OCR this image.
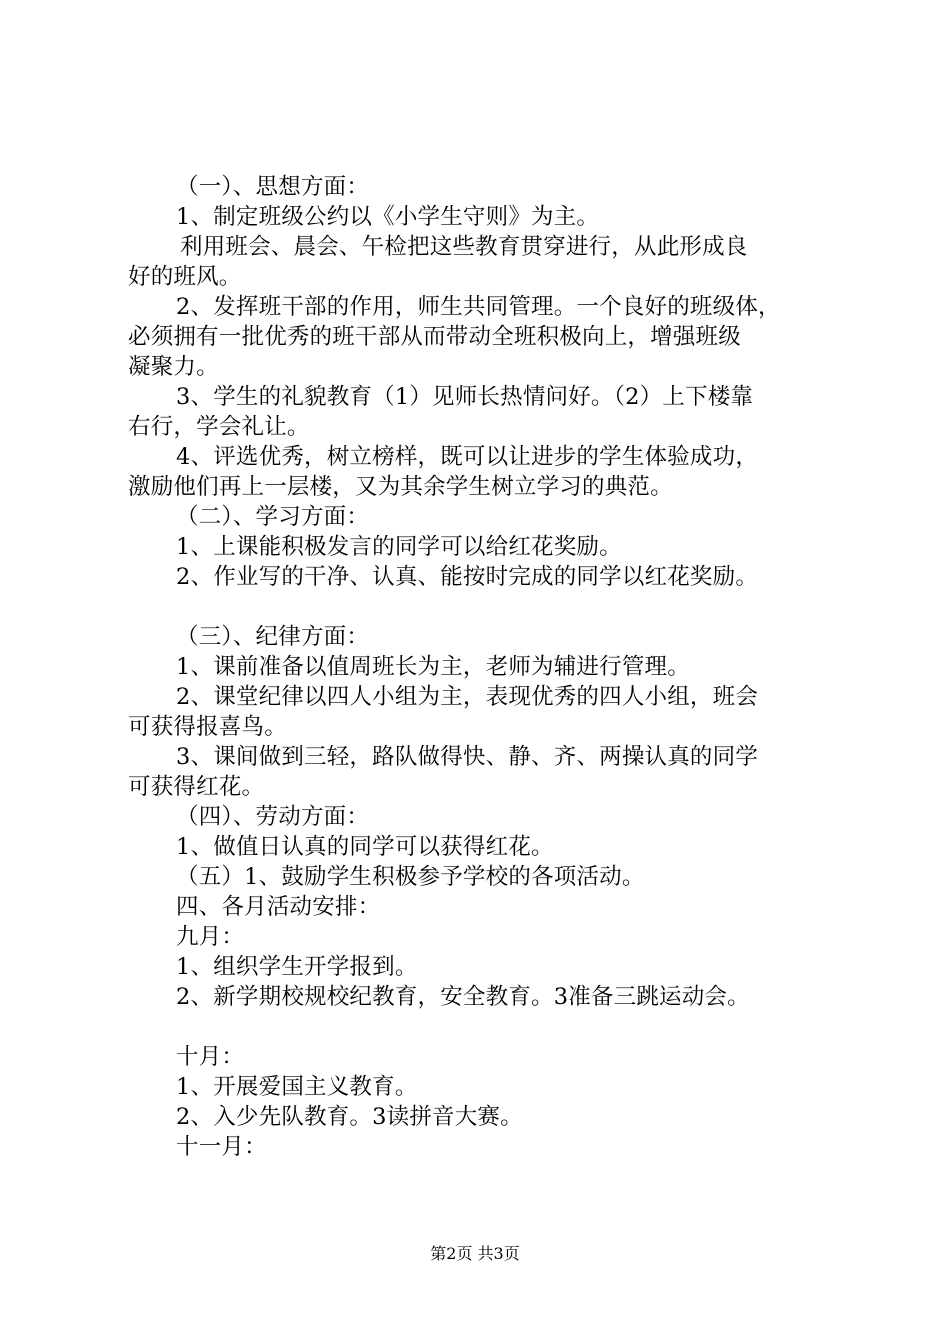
（一）、思想方面：
1、制定班级公约以《小学生守则》为主。
利用班会、晨会、午检把这些教育贯穿进行，从此形成良
好的班风。
2、发挥班干部的作用，师生共同管理。一个良好的班级体，
必须拥有一批优秀的班干部从而带动全班积极向上，增强班级
凝聚力。
3、学生的礼貌教育（1）见师长热情问好。（2）上下楼靠
右行，学会礼让。
4、评选优秀，树立榜样，既可以让进步的学生体验成功，
激励他们再上一层楼，又为其余学生树立学习的典范。
（二）、学习方面：
1、上课能积极发言的同学可以给红花奖励。
2、作业写的干净、认真、能按时完成的同学以红花奖励。
（三）、纪律方面：
1、课前准备以值周班长为主，老师为辅进行管理。
2、课堂纪律以四人小组为主，表现优秀的四人小组，班会
可获得报喜鸟。
3、课间做到三轻，路队做得快、静、齐、两操认真的同学
可获得红花。
（四）、劳动方面：
1、做值日认真的同学可以获得红花。
（五）1、鼓励学生积极参予学校的各项活动。
四、各月活动安排：
九月：
1、组织学生开学报到。
2、新学期校规校纪教育，安全教育。3准备三跳运动会。
十月：
1、开展爱国主义教育。
2、入少先队教育。3读拼音大赛。
十一月：
第2页 共3页
